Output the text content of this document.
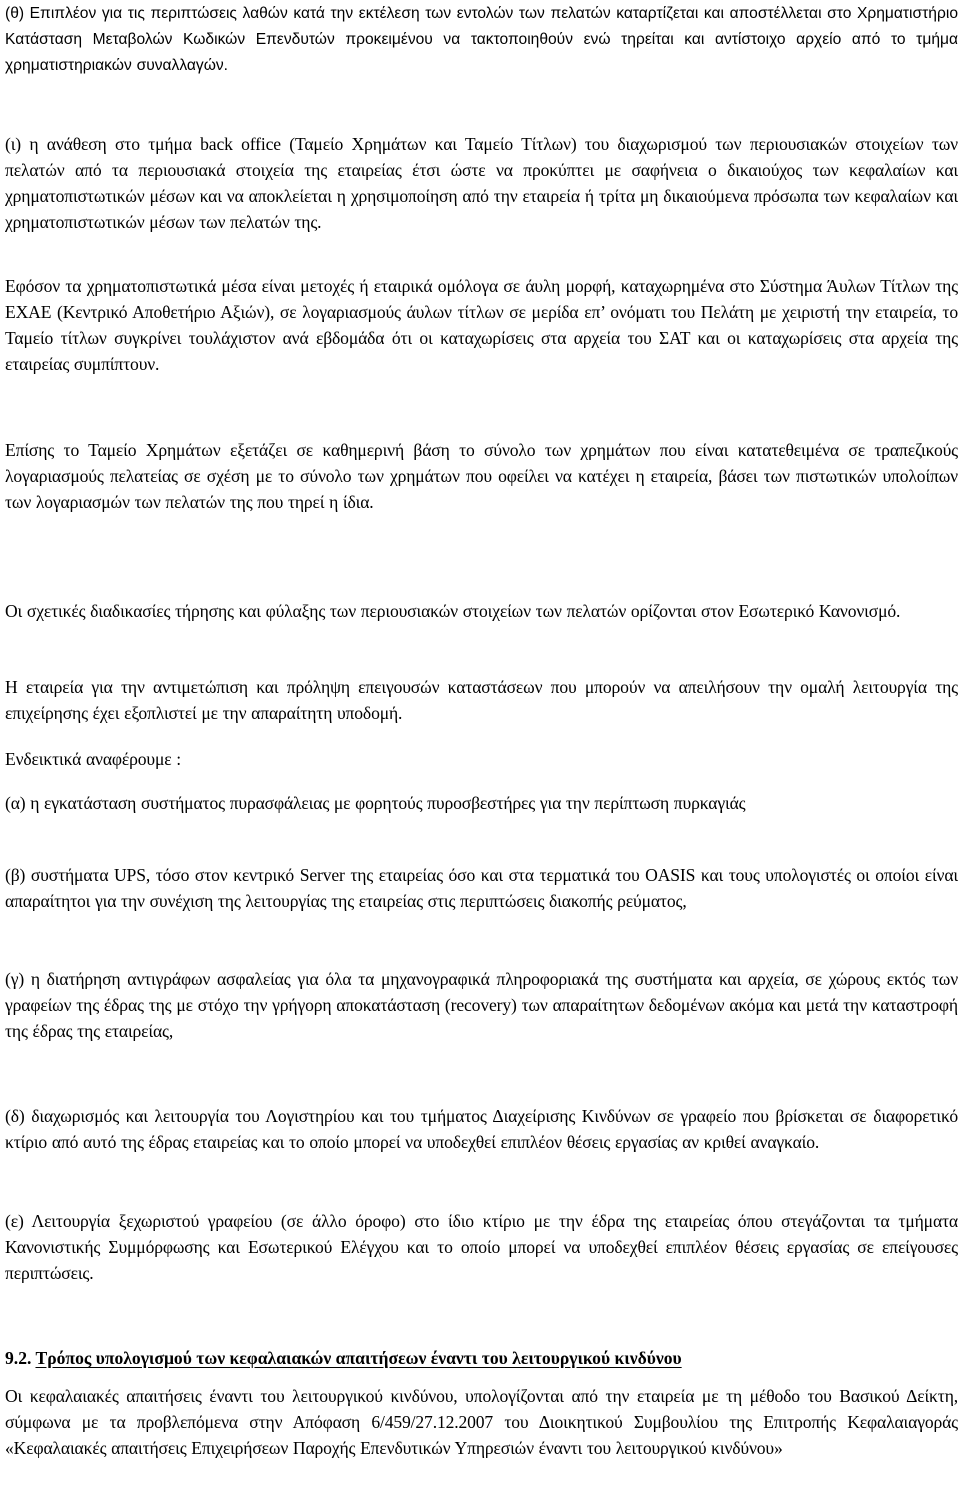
(θ) Επιπλέον για τις περιπτώσεις λαθών κατά την εκτέλεση των εντολών των πελατών καταρτίζεται και αποστέλλεται στο Χρηματιστήριο Κατάσταση Μεταβολών Κωδικών Επενδυτών προκειμένου να τακτοποιηθούν ενώ τηρείται και αντίστοιχο αρχείο από το τμήμα χρηματιστηριακών συναλλαγών.

(ι) η ανάθεση στο τμήμα back office (Ταμείο Χρημάτων και Ταμείο Τίτλων) του διαχωρισμού των περιουσιακών στοιχείων των πελατών από τα περιουσιακά στοιχεία της εταιρείας έτσι ώστε να προκύπτει με σαφήνεια ο δικαιούχος των κεφαλαίων και χρηματοπιστωτικών μέσων και να αποκλείεται η χρησιμοποίηση από την εταιρεία ή τρίτα μη δικαιούμενα πρόσωπα των κεφαλαίων και χρηματοπιστωτικών μέσων των πελατών της.

Εφόσον τα χρηματοπιστωτικά μέσα είναι μετοχές ή εταιρικά ομόλογα σε άυλη μορφή, καταχωρημένα στο Σύστημα Άυλων Τίτλων της ΕΧΑΕ (Κεντρικό Αποθετήριο Αξιών), σε λογαριασμούς άυλων τίτλων σε μερίδα επ’ ονόματι του Πελάτη με χειριστή την εταιρεία, το Ταμείο τίτλων συγκρίνει τουλάχιστον ανά εβδομάδα ότι οι καταχωρίσεις στα αρχεία του ΣΑΤ και οι καταχωρίσεις στα αρχεία της εταιρείας συμπίπτουν.

Επίσης το Ταμείο Χρημάτων εξετάζει σε καθημερινή βάση το σύνολο των χρημάτων που είναι κατατεθειμένα σε τραπεζικούς λογαριασμούς πελατείας σε σχέση με το σύνολο των χρημάτων που οφείλει να κατέχει η εταιρεία, βάσει των πιστωτικών υπολοίπων των λογαριασμών των πελατών της που τηρεί η ίδια.

Οι σχετικές διαδικασίες τήρησης και φύλαξης των περιουσιακών στοιχείων των πελατών ορίζονται στον Εσωτερικό Κανονισμό.

Η εταιρεία για την αντιμετώπιση και πρόληψη επειγουσών καταστάσεων που μπορούν να απειλήσουν την ομαλή λειτουργία της επιχείρησης έχει εξοπλιστεί με την απαραίτητη υποδομή.

Ενδεικτικά αναφέρουμε :

(α) η εγκατάσταση συστήματος πυρασφάλειας με φορητούς πυροσβεστήρες για την περίπτωση πυρκαγιάς

(β) συστήματα UPS, τόσο στον κεντρικό Server της εταιρείας όσο και στα τερματικά του OASIS και τους υπολογιστές οι οποίοι είναι απαραίτητοι για την συνέχιση της λειτουργίας της εταιρείας στις περιπτώσεις διακοπής ρεύματος,

(γ) η διατήρηση αντιγράφων ασφαλείας για όλα τα μηχανογραφικά πληροφοριακά της συστήματα και αρχεία, σε χώρους εκτός των γραφείων της έδρας της με στόχο την γρήγορη αποκατάσταση (recovery) των απαραίτητων δεδομένων ακόμα και μετά την καταστροφή της έδρας της εταιρείας,

(δ) διαχωρισμός και λειτουργία του Λογιστηρίου και του τμήματος Διαχείρισης Κινδύνων σε γραφείο που βρίσκεται σε διαφορετικό κτίριο από αυτό της έδρας εταιρείας και το οποίο μπορεί να υποδεχθεί επιπλέον θέσεις εργασίας αν κριθεί αναγκαίο.

(ε) Λειτουργία ξεχωριστού γραφείου (σε άλλο όροφο) στο ίδιο κτίριο με την έδρα της εταιρείας όπου στεγάζονται τα τμήματα Κανονιστικής Συμμόρφωσης και Εσωτερικού Ελέγχου και το οποίο μπορεί να υποδεχθεί επιπλέον θέσεις εργασίας σε επείγουσες περιπτώσεις.

9.2. Τρόπος υπολογισμού των κεφαλαιακών απαιτήσεων έναντι του λειτουργικού κινδύνου

Οι κεφαλαιακές απαιτήσεις έναντι του λειτουργικού κινδύνου, υπολογίζονται από την εταιρεία με τη μέθοδο του Βασικού Δείκτη, σύμφωνα με τα προβλεπόμενα στην Απόφαση 6/459/27.12.2007 του Διοικητικού Συμβουλίου της Επιτροπής Κεφαλαιαγοράς «Κεφαλαιακές απαιτήσεις Επιχειρήσεων Παροχής Επενδυτικών Υπηρεσιών έναντι του λειτουργικού κινδύνου»
